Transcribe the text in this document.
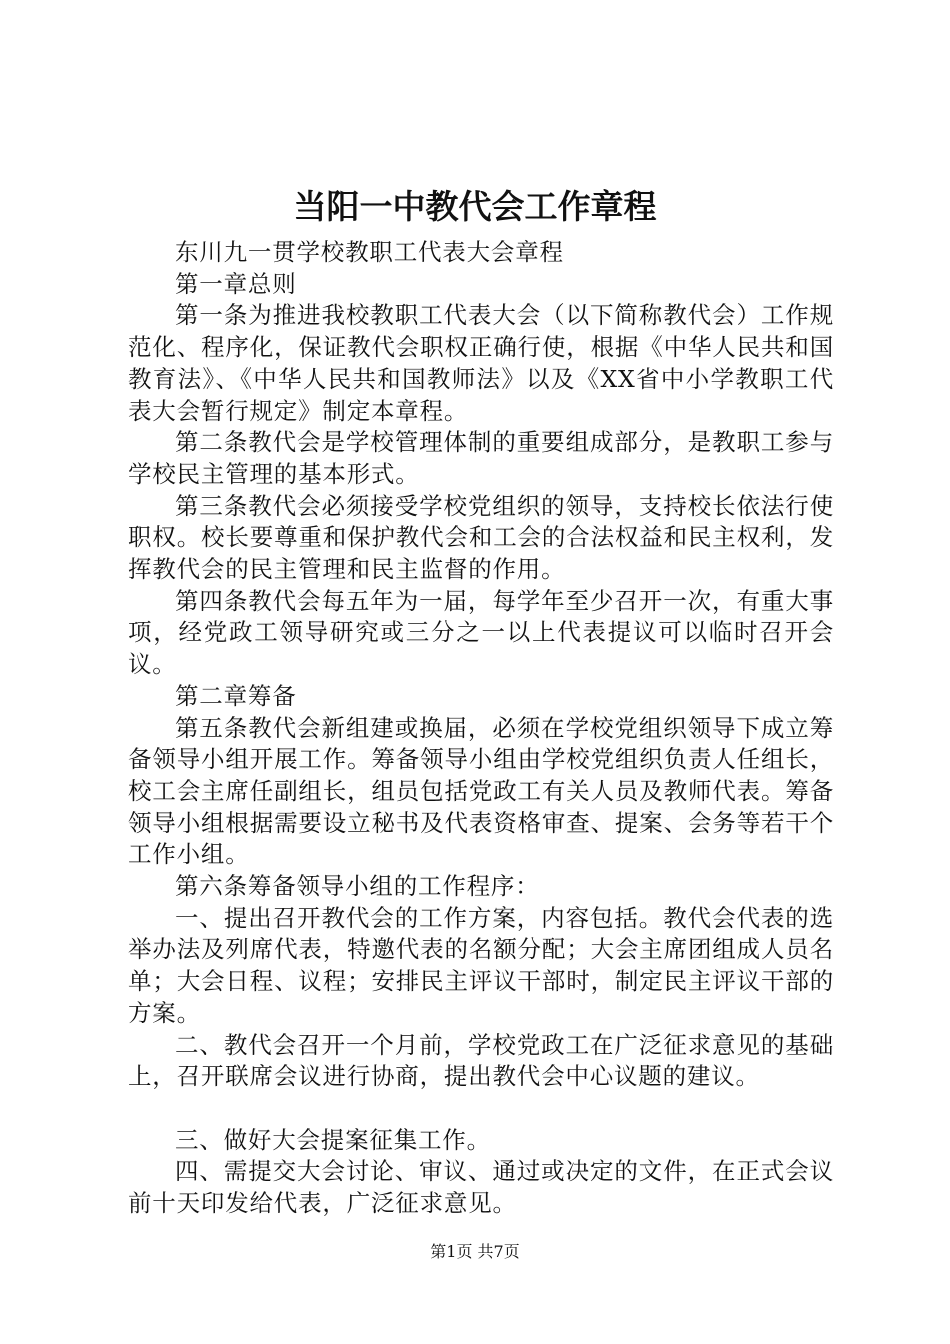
当阳一中教代会工作章程

东川九一贯学校教职工代表大会章程

第一章总则

第一条为推进我校教职工代表大会（以下简称教代会）工作规范化、程序化，保证教代会职权正确行使，根据《中华人民共和国教育法》、《中华人民共和国教师法》以及《XX省中小学教职工代表大会暂行规定》制定本章程。

第二条教代会是学校管理体制的重要组成部分，是教职工参与学校民主管理的基本形式。

第三条教代会必须接受学校党组织的领导，支持校长依法行使职权。校长要尊重和保护教代会和工会的合法权益和民主权利，发挥教代会的民主管理和民主监督的作用。

第四条教代会每五年为一届，每学年至少召开一次，有重大事项，经党政工领导研究或三分之一以上代表提议可以临时召开会议。

第二章筹备

第五条教代会新组建或换届，必须在学校党组织领导下成立筹备领导小组开展工作。筹备领导小组由学校党组织负责人任组长，校工会主席任副组长，组员包括党政工有关人员及教师代表。筹备领导小组根据需要设立秘书及代表资格审查、提案、会务等若干个工作小组。

第六条筹备领导小组的工作程序：

一、提出召开教代会的工作方案，内容包括。教代会代表的选举办法及列席代表，特邀代表的名额分配；大会主席团组成人员名单；大会日程、议程；安排民主评议干部时，制定民主评议干部的方案。

二、教代会召开一个月前，学校党政工在广泛征求意见的基础上，召开联席会议进行协商，提出教代会中心议题的建议。

三、做好大会提案征集工作。

四、需提交大会讨论、审议、通过或决定的文件，在正式会议前十天印发给代表，广泛征求意见。

第1页 共7页
